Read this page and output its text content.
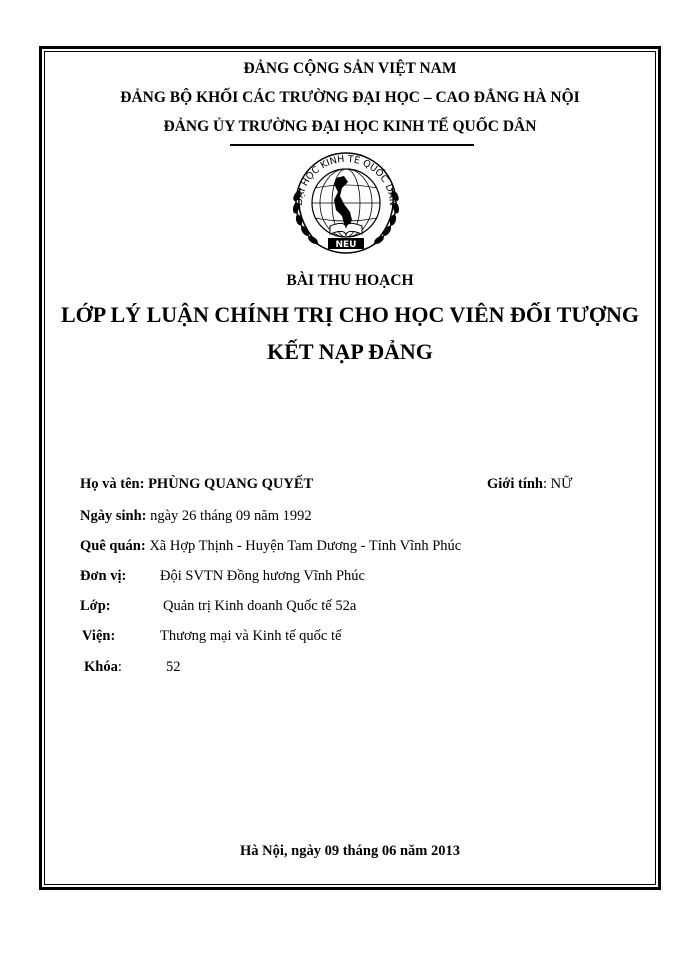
ĐẢNG CỘNG SẢN VIỆT NAM
ĐẢNG BỘ KHỐI CÁC TRƯỜNG ĐẠI HỌC – CAO ĐẲNG HÀ NỘI
ĐẢNG ỦY TRƯỜNG ĐẠI HỌC KINH TẾ QUỐC DÂN
ĐẠI HỌC KINH TẾ QUỐC DÂN
NEU
BÀI THU HOẠCH
LỚP LÝ LUẬN CHÍNH TRỊ CHO HỌC VIÊN ĐỐI TƯỢNG
KẾT NẠP ĐẢNG
Họ và tên: PHÙNG QUANG QUYẾT	Giới tính: NỮ
Ngày sinh: ngày 26 tháng 09 năm 1992
Quê quán: Xã Hợp Thịnh - Huyện Tam Dương - Tỉnh Vĩnh Phúc
Đơn vị: Đội SVTN Đồng hương Vĩnh Phúc
Lớp:	Quản trị Kinh doanh Quốc tế 52a
Viện:	Thương mại và Kinh tế quốc tế
Khóa:	52
Hà Nội, ngày 09 tháng 06 năm 2013
